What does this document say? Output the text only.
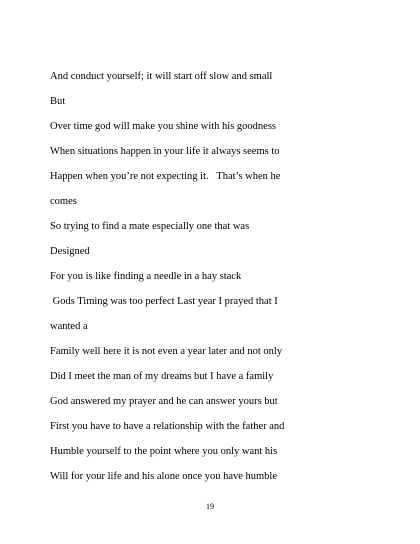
And conduct yourself; it will start off slow and small
But
Over time god will make you shine with his goodness
When situations happen in your life it always seems to
Happen when you’re not expecting it.   That’s when he
comes
So trying to find a mate especially one that was
Designed
For you is like finding a needle in a hay stack
Gods Timing was too perfect Last year I prayed that I
wanted a
Family well here it is not even a year later and not only
Did I meet the man of my dreams but I have a family
God answered my prayer and he can answer yours but
First you have to have a relationship with the father and
Humble yourself to the point where you only want his
Will for your life and his alone once you have humble
19
